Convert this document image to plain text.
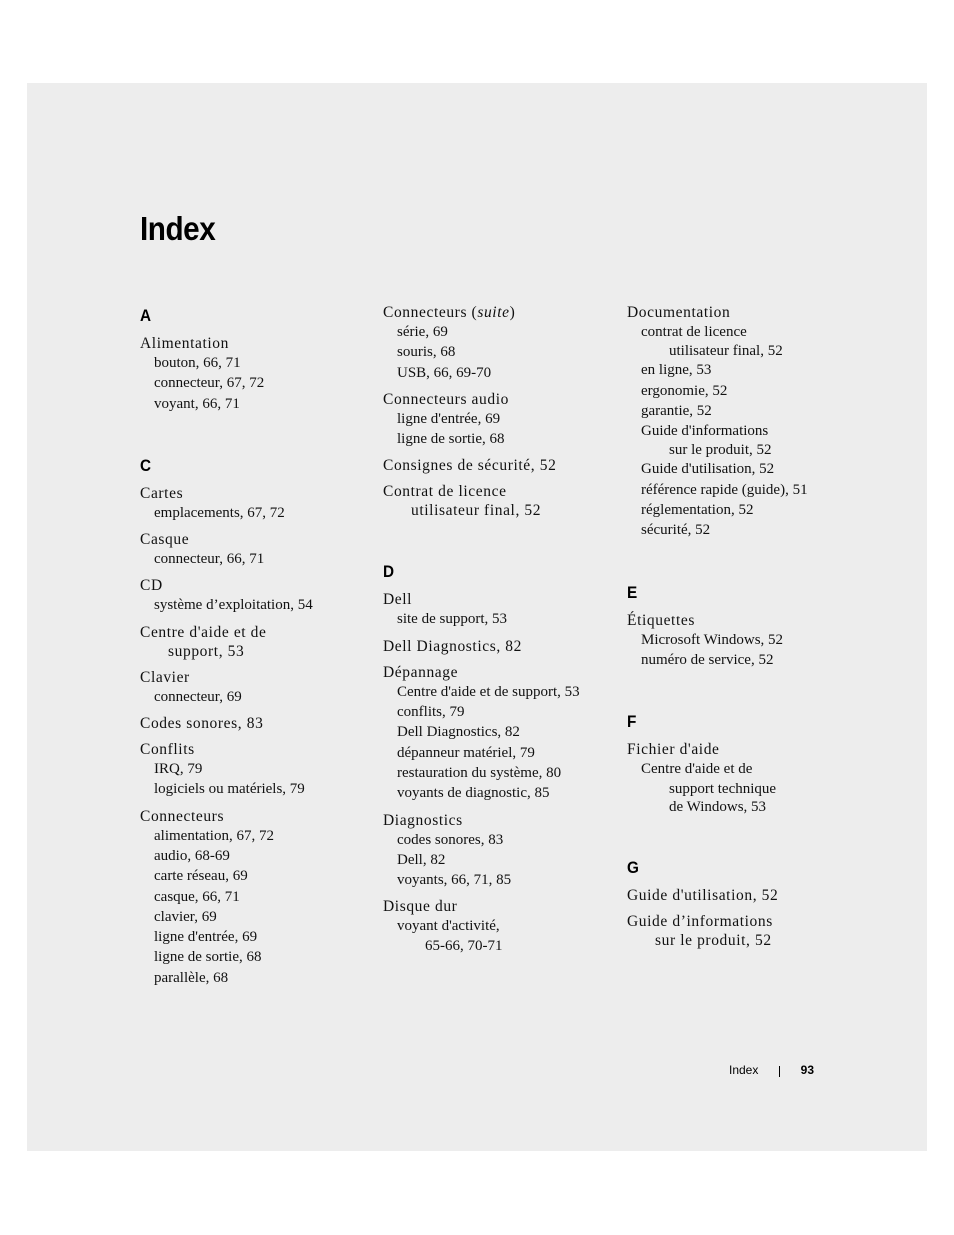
Index
A
Alimentation
bouton, 66, 71
connecteur, 67, 72
voyant, 66, 71
C
Cartes
emplacements, 67, 72
Casque
connecteur, 66, 71
CD
système d’exploitation, 54
Centre d'aide et de
support, 53
Clavier
connecteur, 69
Codes sonores, 83
Conflits
IRQ, 79
logiciels ou matériels, 79
Connecteurs
alimentation, 67, 72
audio, 68-69
carte réseau, 69
casque, 66, 71
clavier, 69
ligne d'entrée, 69
ligne de sortie, 68
parallèle, 68
Connecteurs (suite)
série, 69
souris, 68
USB, 66, 69-70
Connecteurs audio
ligne d'entrée, 69
ligne de sortie, 68
Consignes de sécurité, 52
Contrat de licence
utilisateur final, 52
D
Dell
site de support, 53
Dell Diagnostics, 82
Dépannage
Centre d'aide et de support, 53
conflits, 79
Dell Diagnostics, 82
dépanneur matériel, 79
restauration du système, 80
voyants de diagnostic, 85
Diagnostics
codes sonores, 83
Dell, 82
voyants, 66, 71, 85
Disque dur
voyant d'activité,
65-66, 70-71
Documentation
contrat de licence
utilisateur final, 52
en ligne, 53
ergonomie, 52
garantie, 52
Guide d'informations
sur le produit, 52
Guide d'utilisation, 52
référence rapide (guide), 51
réglementation, 52
sécurité, 52
E
Étiquettes
Microsoft Windows, 52
numéro de service, 52
F
Fichier d'aide
Centre d'aide et de
support technique
de Windows, 53
G
Guide d'utilisation, 52
Guide d’informations
sur le produit, 52
Index	93
